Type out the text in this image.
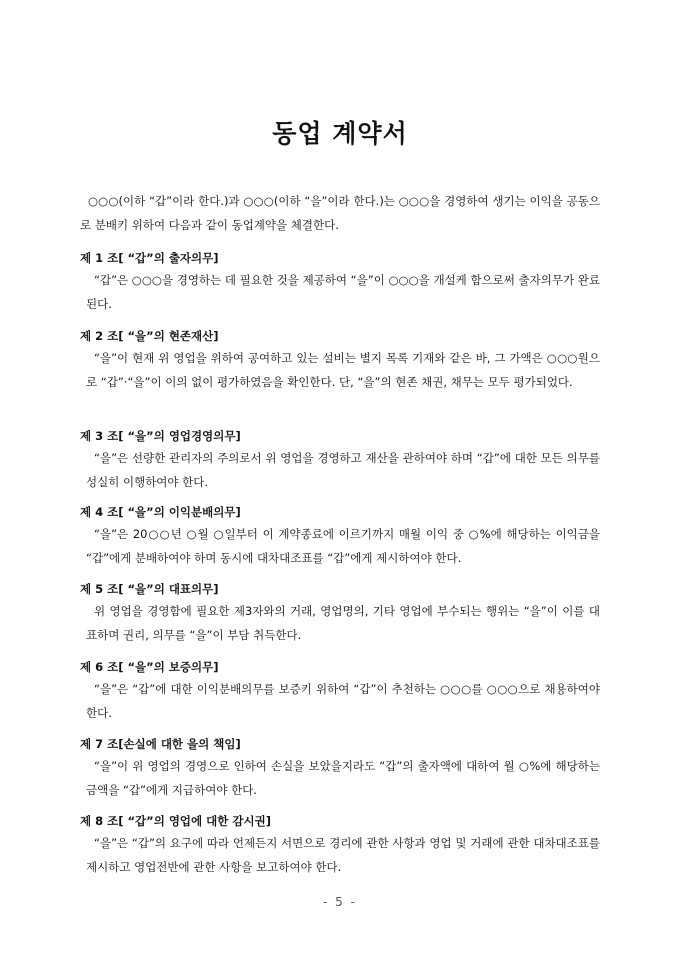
동업 계약서

○○○(이하 “갑”이라 한다.)과 ○○○(이하 “을”이라 한다.)는 ○○○을 경영하여 생기는 이익을 공동으로 분배키 위하여 다음과 같이 동업계약을 체결한다.

제 1 조[ “갑”의 출자의무]

“갑”은 ○○○을 경영하는 데 필요한 것을 제공하여 “을”이 ○○○을 개설케 함으로써 출자의무가 완료된다.

제 2 조[ “을”의 현존재산]

“을”이 현재 위 영업을 위하여 공여하고 있는 설비는 별지 목록 기재와 같은 바, 그 가액은 ○○○원으로 “갑”·“을”이 이의 없이 평가하였음을 확인한다. 단, “을”의 현존 채권, 채무는 모두 평가되었다.

제 3 조[ “을”의 영업경영의무]

“을”은 선량한 관리자의 주의로서 위 영업을 경영하고 재산을 관하여야 하며 “갑”에 대한 모든 의무를 성실히 이행하여야 한다.

제 4 조[ “을”의 이익분배의무]

“을”은 20○○년 ○월 ○일부터 이 계약종료에 이르기까지 매월 이익 중 ○%에 해당하는 이익금을 “갑”에게 분배하여야 하며 동시에 대차대조표를 “갑”에게 제시하여야 한다.

제 5 조[ “을”의 대표의무]

위 영업을 경영함에 필요한 제3자와의 거래, 영업명의, 기타 영업에 부수되는 행위는 “을”이 이를 대표하며 권리, 의무를 “을”이 부담 취득한다.

제 6 조[ “을”의 보증의무]

“을”은 “갑”에 대한 이익분배의무를 보증키 위하여 “갑”이 추천하는 ○○○를 ○○○으로 채용하여야 한다.

제 7 조[손실에 대한 을의 책임]

“을”이 위 영업의 경영으로 인하여 손실을 보았을지라도 “갑”의 출자액에 대하여 월 ○%에 해당하는 금액을 “갑”에게 지급하여야 한다.

제 8 조[ “갑”의 영업에 대한 감시권]

“을”은 “갑”의 요구에 따라 언제든지 서면으로 경리에 관한 사항과 영업 및 거래에 관한 대차대조표를 제시하고 영업전반에 관한 사항을 보고하여야 한다.

- 5 -
